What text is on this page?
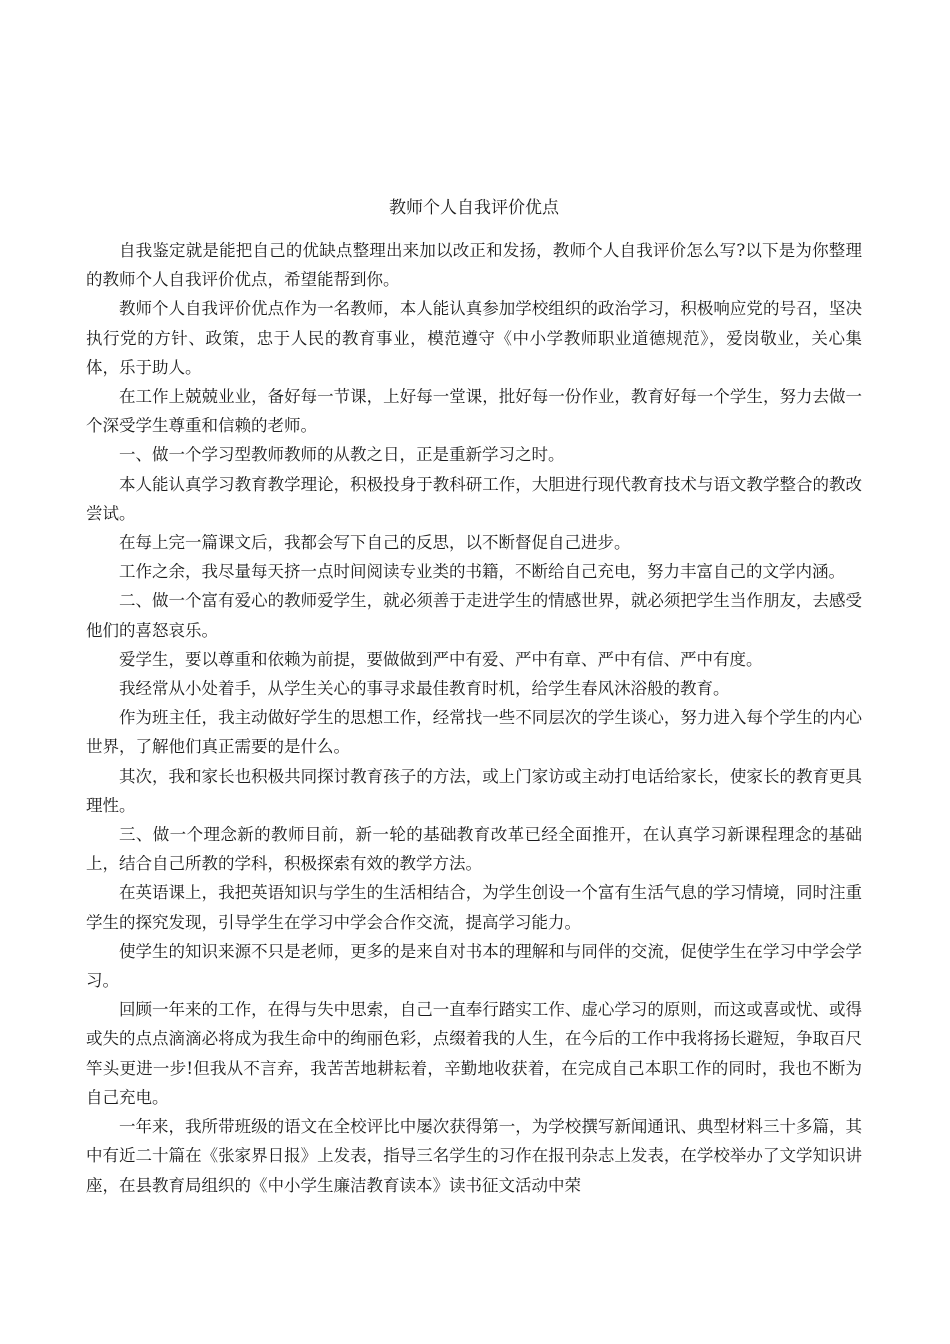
教师个人自我评价优点

自我鉴定就是能把自己的优缺点整理出来加以改正和发扬，教师个人自我评价怎么写?以下是为你整理的教师个人自我评价优点，希望能帮到你。

教师个人自我评价优点作为一名教师，本人能认真参加学校组织的政治学习，积极响应党的号召，坚决执行党的方针、政策，忠于人民的教育事业，模范遵守《中小学教师职业道德规范》，爱岗敬业，关心集体，乐于助人。

在工作上兢兢业业，备好每一节课，上好每一堂课，批好每一份作业，教育好每一个学生，努力去做一个深受学生尊重和信赖的老师。

一、做一个学习型教师教师的从教之日，正是重新学习之时。

本人能认真学习教育教学理论，积极投身于教科研工作，大胆进行现代教育技术与语文教学整合的教改尝试。

在每上完一篇课文后，我都会写下自己的反思，以不断督促自己进步。

工作之余，我尽量每天挤一点时间阅读专业类的书籍，不断给自己充电，努力丰富自己的文学内涵。

二、做一个富有爱心的教师爱学生，就必须善于走进学生的情感世界，就必须把学生当作朋友，去感受他们的喜怒哀乐。

爱学生，要以尊重和依赖为前提，要做做到严中有爱、严中有章、严中有信、严中有度。

我经常从小处着手，从学生关心的事寻求最佳教育时机，给学生春风沐浴般的教育。

作为班主任，我主动做好学生的思想工作，经常找一些不同层次的学生谈心，努力进入每个学生的内心世界，了解他们真正需要的是什么。

其次，我和家长也积极共同探讨教育孩子的方法，或上门家访或主动打电话给家长，使家长的教育更具理性。

三、做一个理念新的教师目前，新一轮的基础教育改革已经全面推开，在认真学习新课程理念的基础上，结合自己所教的学科，积极探索有效的教学方法。

在英语课上，我把英语知识与学生的生活相结合，为学生创设一个富有生活气息的学习情境，同时注重学生的探究发现，引导学生在学习中学会合作交流，提高学习能力。

使学生的知识来源不只是老师，更多的是来自对书本的理解和与同伴的交流，促使学生在学习中学会学习。

回顾一年来的工作，在得与失中思索，自己一直奉行踏实工作、虚心学习的原则，而这或喜或忧、或得或失的点点滴滴必将成为我生命中的绚丽色彩，点缀着我的人生，在今后的工作中我将扬长避短，争取百尺竿头更进一步!但我从不言弃，我苦苦地耕耘着，辛勤地收获着，在完成自己本职工作的同时，我也不断为自己充电。

一年来，我所带班级的语文在全校评比中屡次获得第一，为学校撰写新闻通讯、典型材料三十多篇，其中有近二十篇在《张家界日报》上发表，指导三名学生的习作在报刊杂志上发表，在学校举办了文学知识讲座，在县教育局组织的《中小学生廉洁教育读本》读书征文活动中荣
